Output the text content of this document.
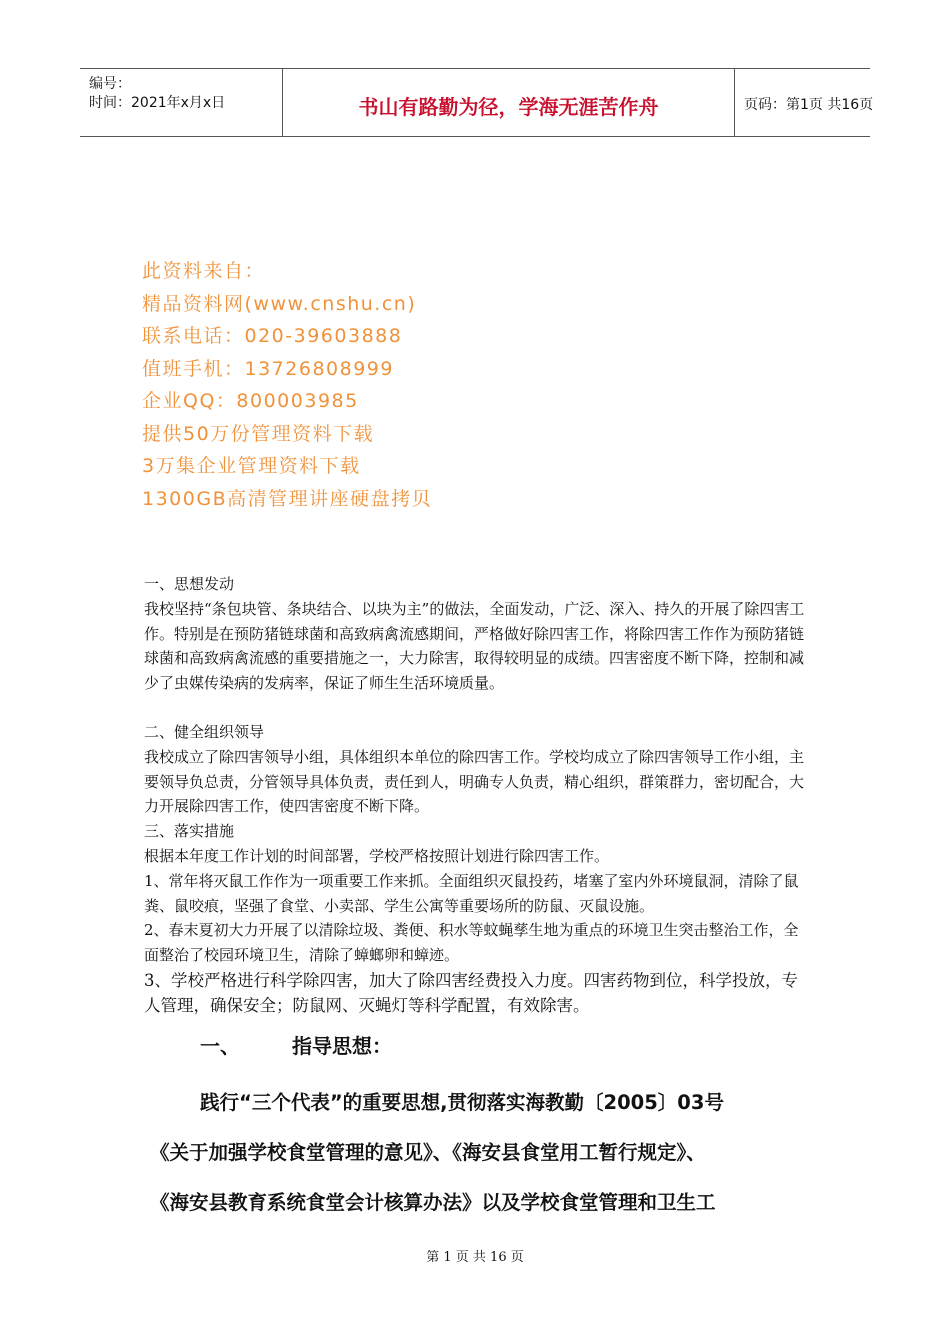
编号：
时间：2021年x月x日	书山有路勤为径，学海无涯苦作舟	页码：第1页 共16页
此资料来自：
精品资料网(www.cnshu.cn)
联系电话：020-39603888
值班手机：13726808999
企业QQ：800003985
提供50万份管理资料下载
3万集企业管理资料下载
1300GB高清管理讲座硬盘拷贝

一、思想发动

我校坚持“条包块管、条块结合、以块为主”的做法，全面发动，广泛、深入、持久的开展了除四害工作。特别是在预防猪链球菌和高致病禽流感期间，严格做好除四害工作，将除四害工作作为预防猪链球菌和高致病禽流感的重要措施之一，大力除害，取得较明显的成绩。四害密度不断下降，控制和减少了虫媒传染病的发病率，保证了师生生活环境质量。

二、健全组织领导

我校成立了除四害领导小组，具体组织本单位的除四害工作。学校均成立了除四害领导工作小组，主要领导负总责，分管领导具体负责，责任到人，明确专人负责，精心组织，群策群力，密切配合，大力开展除四害工作，使四害密度不断下降。

三、落实措施

根据本年度工作计划的时间部署，学校严格按照计划进行除四害工作。

1、常年将灭鼠工作作为一项重要工作来抓。全面组织灭鼠投药，堵塞了室内外环境鼠洞，清除了鼠粪、鼠咬痕，坚强了食堂、小卖部、学生公寓等重要场所的防鼠、灭鼠设施。

2、春末夏初大力开展了以清除垃圾、粪便、积水等蚊蝇孳生地为重点的环境卫生突击整治工作，全面整治了校园环境卫生，清除了蟑螂卵和蟑迹。

3、学校严格进行科学除四害，加大了除四害经费投入力度。四害药物到位，科学投放，专人管理，确保安全；防鼠网、灭蝇灯等科学配置，有效除害。

一、	指导思想：
践行“三个代表”的重要思想,贯彻落实海教勤〔2005〕03号
《关于加强学校食堂管理的意见》、《海安县食堂用工暂行规定》、
《海安县教育系统食堂会计核算办法》以及学校食堂管理和卫生工
第 1 页 共 16 页
